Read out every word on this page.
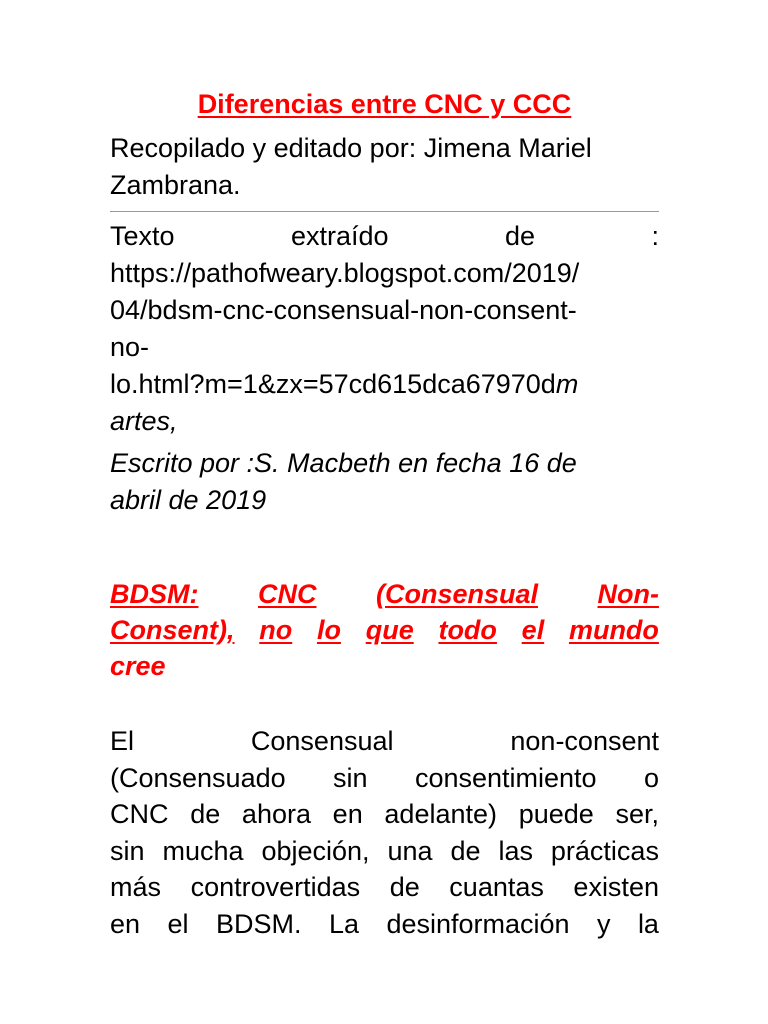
Diferencias entre CNC y CCC
Recopilado y editado por: Jimena Mariel
Zambrana.
Texto	extraído	de	:
https://pathofweary.blogspot.com/2019/
04/bdsm-cnc-consensual-non-consent-
no-
lo.html?m=1&zx=57cd615dca67970dm
artes,
Escrito por :S. Macbeth en fecha 16 de
abril de 2019
BDSM: CNC (Consensual Non-
Consent), no lo que todo el mundo
cree
El	Consensual	non-consent
(Consensuado sin consentimiento o
CNC de ahora en adelante) puede ser,
sin mucha objeción, una de las prácticas
más controvertidas de cuantas existen
en el BDSM. La desinformación y la
